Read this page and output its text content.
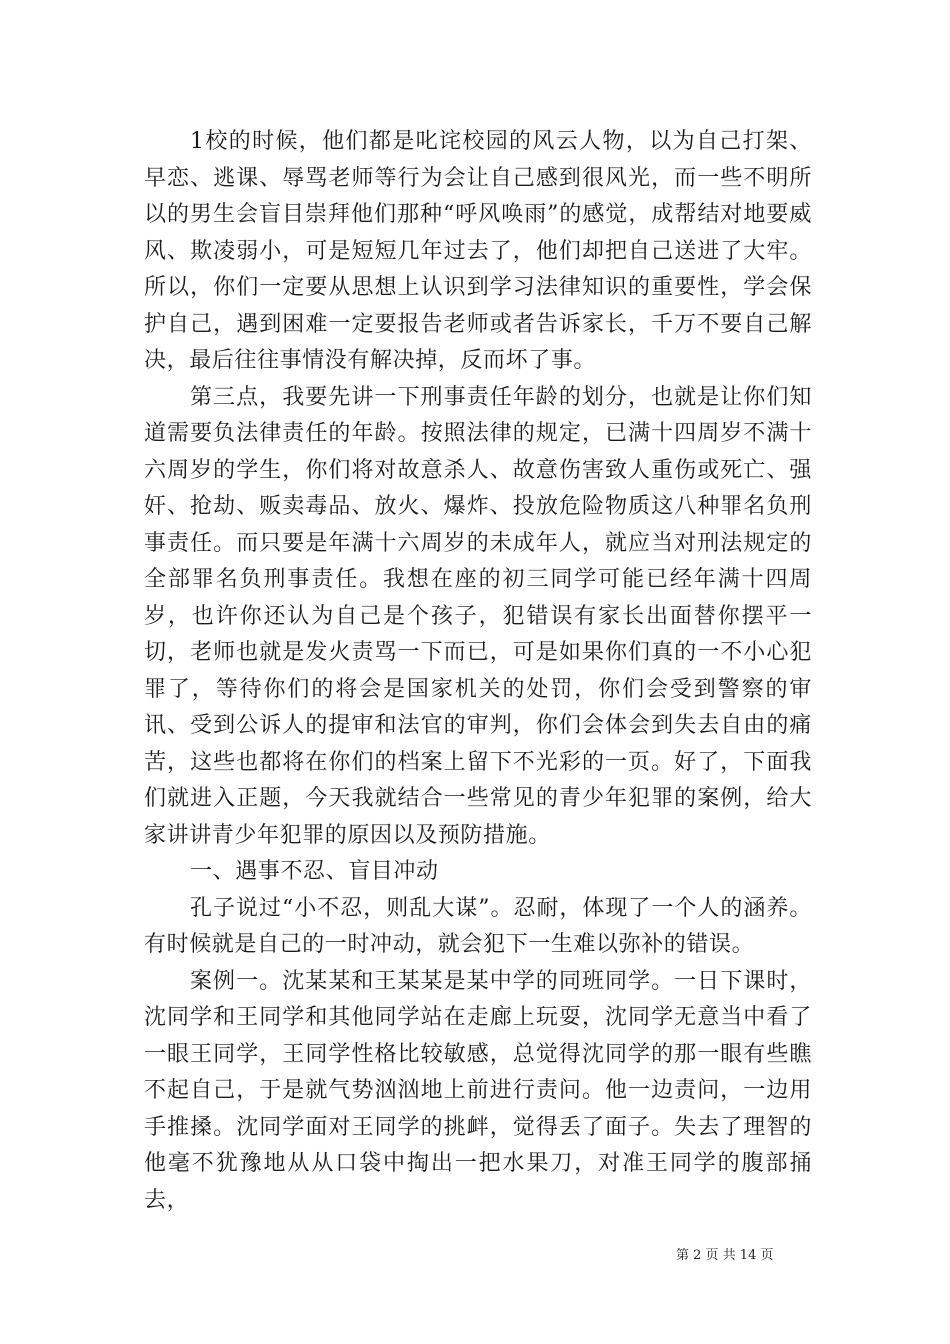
1校的时候，他们都是叱诧校园的风云人物，以为自己打架、早恋、逃课、辱骂老师等行为会让自己感到很风光，而一些不明所以的男生会盲目崇拜他们那种“呼风唤雨”的感觉，成帮结对地要威风、欺凌弱小，可是短短几年过去了，他们却把自己送进了大牢。所以，你们一定要从思想上认识到学习法律知识的重要性，学会保护自己，遇到困难一定要报告老师或者告诉家长，千万不要自己解决，最后往往事情没有解决掉，反而坏了事。

第三点，我要先讲一下刑事责任年龄的划分，也就是让你们知道需要负法律责任的年龄。按照法律的规定，已满十四周岁不满十六周岁的学生，你们将对故意杀人、故意伤害致人重伤或死亡、强奸、抢劫、贩卖毒品、放火、爆炸、投放危险物质这八种罪名负刑事责任。而只要是年满十六周岁的未成年人，就应当对刑法规定的全部罪名负刑事责任。我想在座的初三同学可能已经年满十四周岁，也许你还认为自己是个孩子，犯错误有家长出面替你摆平一切，老师也就是发火责骂一下而已，可是如果你们真的一不小心犯罪了，等待你们的将会是国家机关的处罚，你们会受到警察的审讯、受到公诉人的提审和法官的审判，你们会体会到失去自由的痛苦，这些也都将在你们的档案上留下不光彩的一页。好了，下面我们就进入正题，今天我就结合一些常见的青少年犯罪的案例，给大家讲讲青少年犯罪的原因以及预防措施。

一、遇事不忍、盲目冲动

孔子说过“小不忍，则乱大谋”。忍耐，体现了一个人的涵养。有时候就是自己的一时冲动，就会犯下一生难以弥补的错误。

案例一。沈某某和王某某是某中学的同班同学。一日下课时，沈同学和王同学和其他同学站在走廊上玩耍，沈同学无意当中看了一眼王同学，王同学性格比较敏感，总觉得沈同学的那一眼有些瞧不起自己，于是就气势汹汹地上前进行责问。他一边责问，一边用手推搡。沈同学面对王同学的挑衅，觉得丢了面子。失去了理智的他毫不犹豫地从从口袋中掏出一把水果刀，对准王同学的腹部捅去，

第 2 页 共 14 页
